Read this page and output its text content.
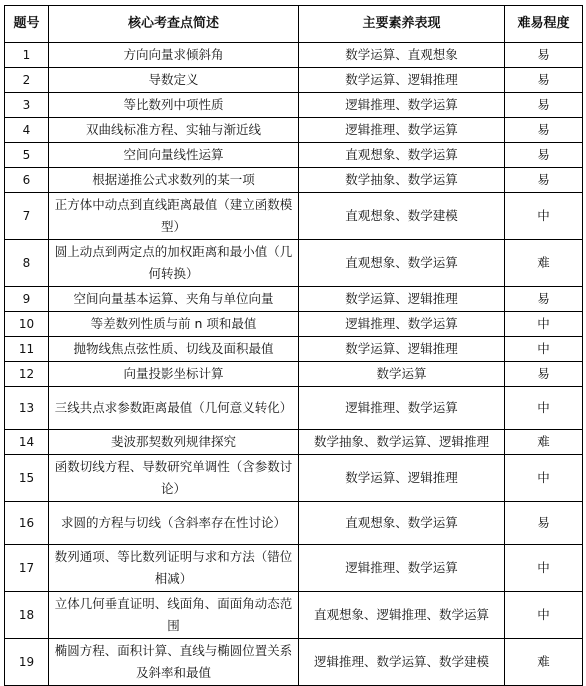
题号	核心考查点简述	主要素养表现	难易程度
1	方向向量求倾斜角	数学运算、直观想象	易
2	导数定义	数学运算、逻辑推理	易
3	等比数列中项性质	逻辑推理、数学运算	易
4	双曲线标准方程、实轴与渐近线	逻辑推理、数学运算	易
5	空间向量线性运算	直观想象、数学运算	易
6	根据递推公式求数列的某一项	数学抽象、数学运算	易
7	正方体中动点到直线距离最值（建立函数模型）	直观想象、数学建模	中
8	圆上动点到两定点的加权距离和最小值（几何转换）	直观想象、数学运算	难
9	空间向量基本运算、夹角与单位向量	数学运算、逻辑推理	易
10	等差数列性质与前 n 项和最值	逻辑推理、数学运算	中
11	抛物线焦点弦性质、切线及面积最值	数学运算、逻辑推理	中
12	向量投影坐标计算	数学运算	易
13	三线共点求参数距离最值（几何意义转化）	逻辑推理、数学运算	中
14	斐波那契数列规律探究	数学抽象、数学运算、逻辑推理	难
15	函数切线方程、导数研究单调性（含参数讨论）	数学运算、逻辑推理	中
16	求圆的方程与切线（含斜率存在性讨论）	直观想象、数学运算	易
17	数列通项、等比数列证明与求和方法（错位相减）	逻辑推理、数学运算	中
18	立体几何垂直证明、线面角、面面角动态范围	直观想象、逻辑推理、数学运算	中
19	椭圆方程、面积计算、直线与椭圆位置关系及斜率和最值	逻辑推理、数学运算、数学建模	难
